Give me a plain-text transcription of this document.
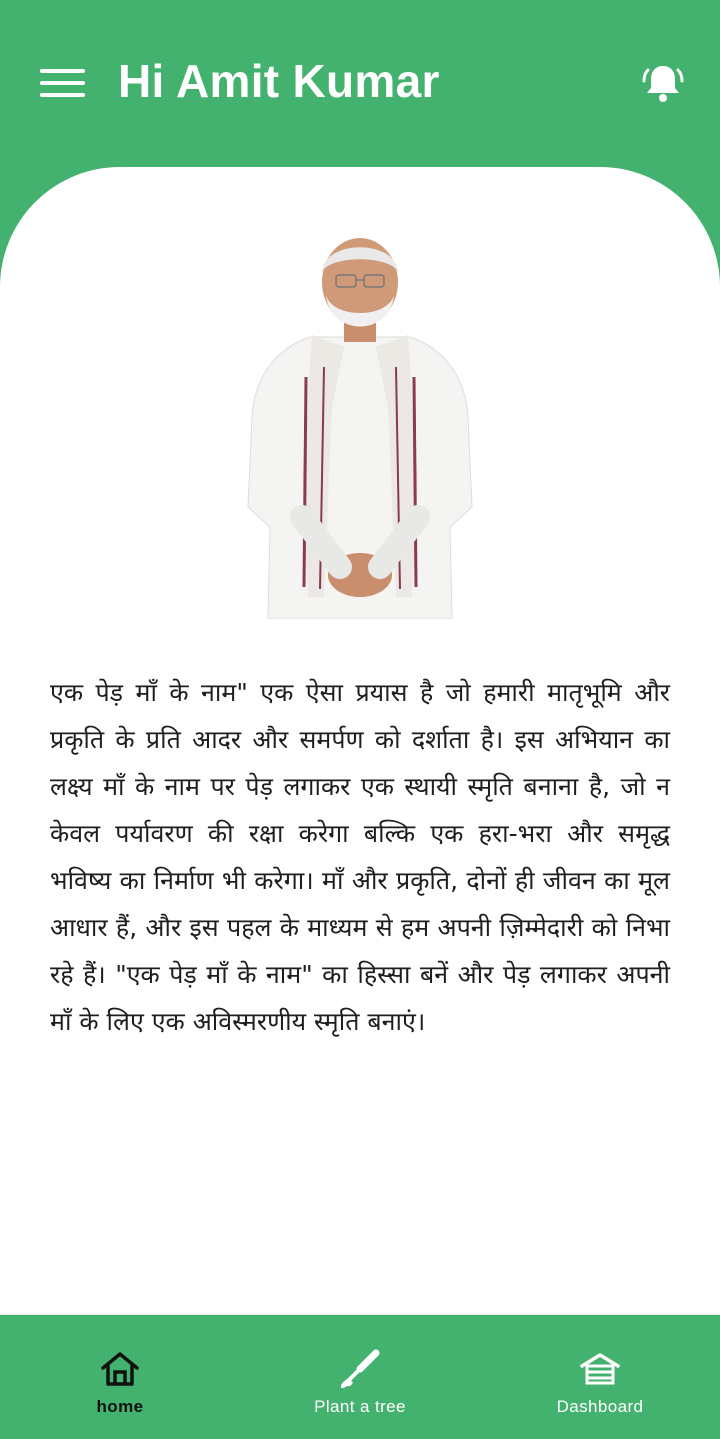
Hi Amit Kumar
एक पेड़ माँ के नाम" एक ऐसा प्रयास है जो हमारी मातृभूमि और प्रकृति के प्रति आदर और समर्पण को दर्शाता है। इस अभियान का लक्ष्य माँ के नाम पर पेड़ लगाकर एक स्थायी स्मृति बनाना है, जो न केवल पर्यावरण की रक्षा करेगा बल्कि एक हरा-भरा और समृद्ध भविष्य का निर्माण भी करेगा। माँ और प्रकृति, दोनों ही जीवन का मूल आधार हैं, और इस पहल के माध्यम से हम अपनी ज़िम्मेदारी को निभा रहे हैं। "एक पेड़ माँ के नाम" का हिस्सा बनें और पेड़ लगाकर अपनी माँ के लिए एक अविस्मरणीय स्मृति बनाएं।
home	Plant a tree	Dashboard
